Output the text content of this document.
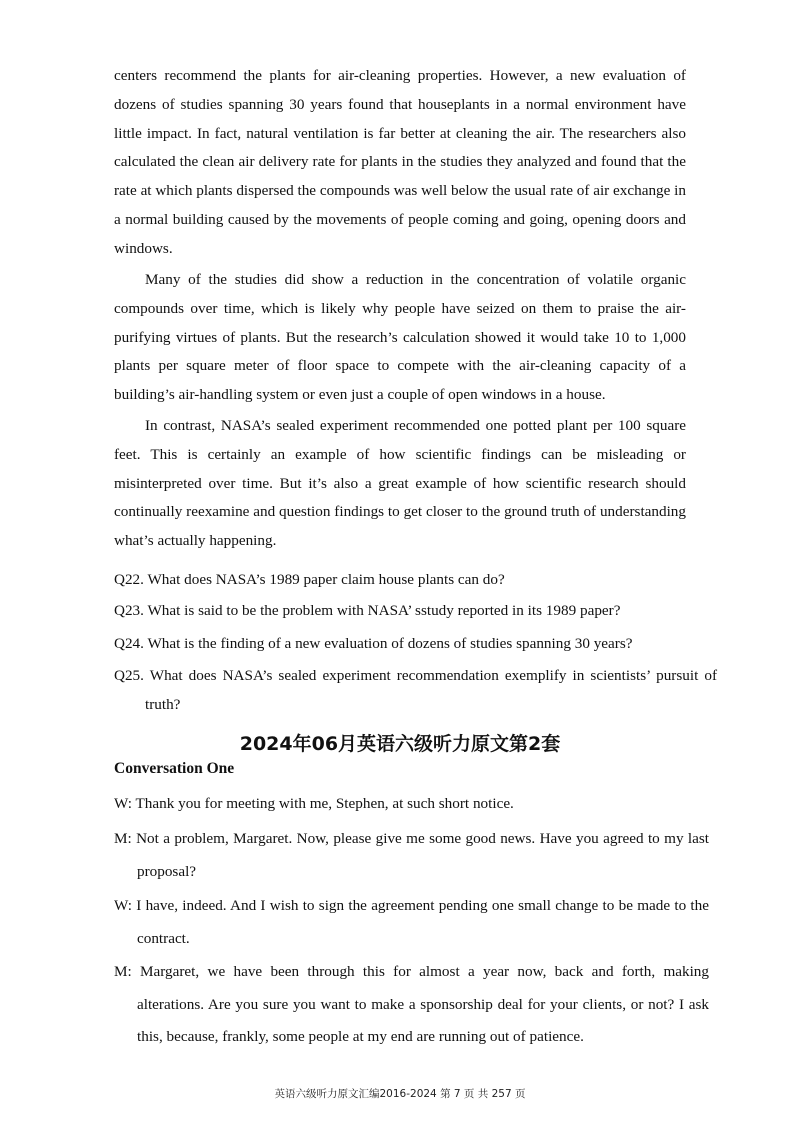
centers recommend the plants for air-cleaning properties. However, a new evaluation of dozens of studies spanning 30 years found that houseplants in a normal environment have little impact. In fact, natural ventilation is far better at cleaning the air. The researchers also calculated the clean air delivery rate for plants in the studies they analyzed and found that the rate at which plants dispersed the compounds was well below the usual rate of air exchange in a normal building caused by the movements of people coming and going, opening doors and windows.

Many of the studies did show a reduction in the concentration of volatile organic compounds over time, which is likely why people have seized on them to praise the air-purifying virtues of plants. But the research’s calculation showed it would take 10 to 1,000 plants per square meter of floor space to compete with the air-cleaning capacity of a building’s air-handling system or even just a couple of open windows in a house.

In contrast, NASA’s sealed experiment recommended one potted plant per 100 square feet. This is certainly an example of how scientific findings can be misleading or misinterpreted over time. But it’s also a great example of how scientific research should continually reexamine and question findings to get closer to the ground truth of understanding what’s actually happening.

Q22. What does NASA’s 1989 paper claim house plants can do?

Q23. What is said to be the problem with NASA’ sstudy reported in its 1989 paper?

Q24. What is the finding of a new evaluation of dozens of studies spanning 30 years?

Q25. What does NASA’s sealed experiment recommendation exemplify in scientists’ pursuit of truth?

2024年06月英语六级听力原文第2套
Conversation One

W: Thank you for meeting with me, Stephen, at such short notice.

M: Not a problem, Margaret. Now, please give me some good news. Have you agreed to my last proposal?

W: I have, indeed. And I wish to sign the agreement pending one small change to be made to the contract.

M: Margaret, we have been through this for almost a year now, back and forth, making alterations. Are you sure you want to make a sponsorship deal for your clients, or not? I ask this, because, frankly, some people at my end are running out of patience.

英语六级听力原文汇编2016-2024 第 7 页 共 257 页
